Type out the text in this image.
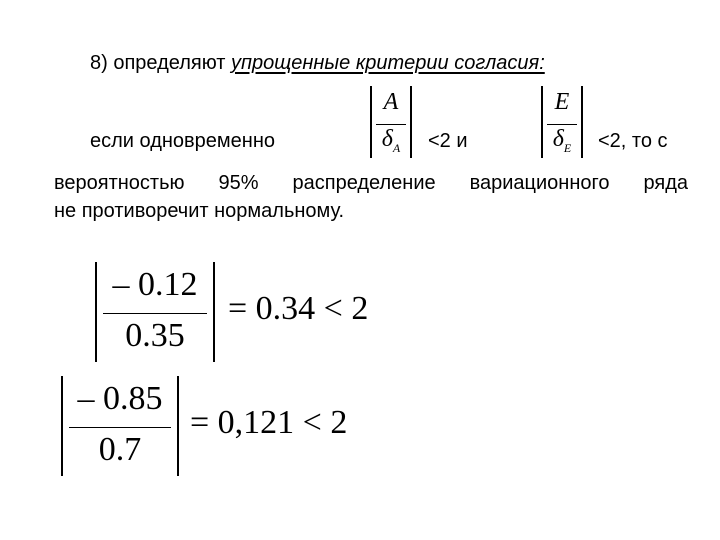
8) определяют упрощенные критерии согласия:
если одновременно
A
$\delta_A$	<2 и
E
$\delta_E$	<2, то с
вероятностью 95% распределение вариационного ряда
не противоречит нормальному.
– 0.12
0.35
= 0.34 < 2
– 0.85
0.7
= 0,121 < 2
